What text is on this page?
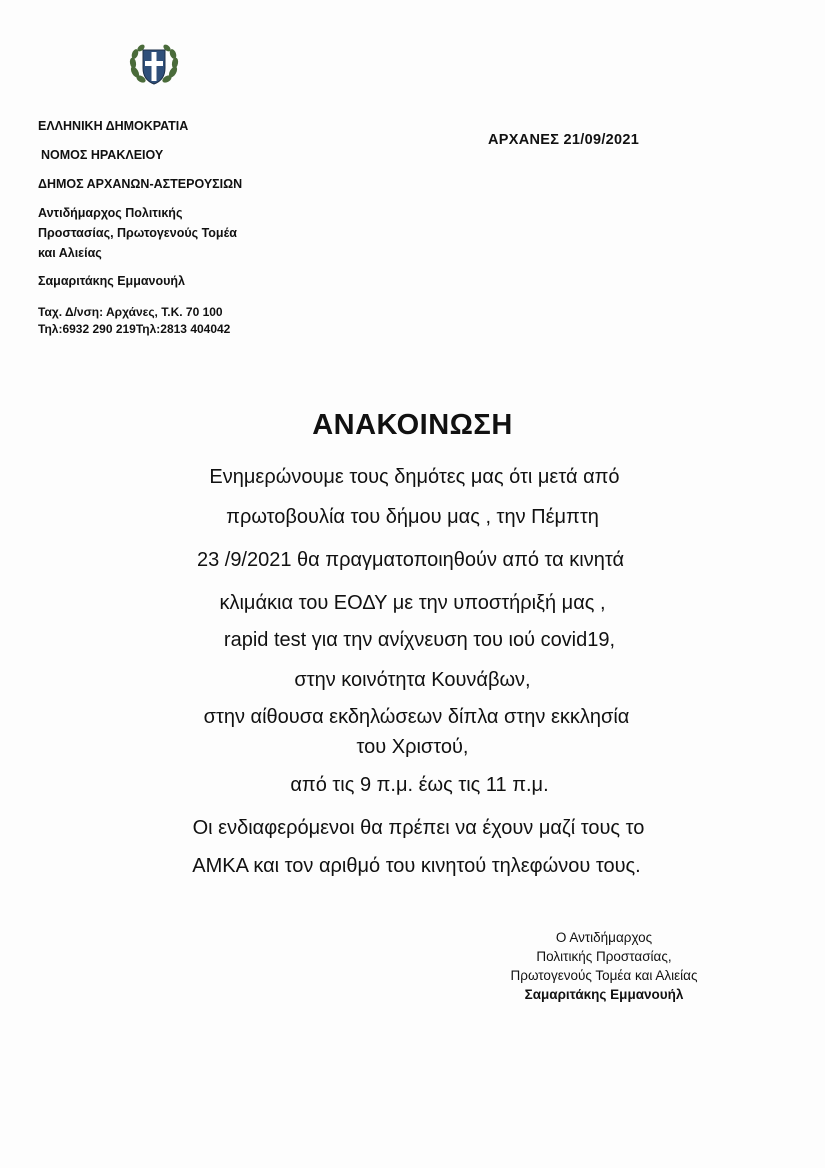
ΕΛΛΗΝΙΚΗ ΔΗΜΟΚΡΑΤΙΑ
ΝΟΜΟΣ ΗΡΑΚΛΕΙΟΥ
ΔΗΜΟΣ ΑΡΧΑΝΩΝ-ΑΣΤΕΡΟΥΣΙΩΝ
Αντιδήμαρχος Πολιτικής
Προστασίας, Πρωτογενούς Τομέα
και Αλιείας
Σαμαριτάκης Εμμανουήλ
Ταχ. Δ/νση: Αρχάνες, Τ.Κ. 70 100
Τηλ:6932 290 219Τηλ:2813 404042
ΑΡΧΑΝΕΣ 21/09/2021
ΑΝΑΚΟΙΝΩΣΗ
Ενημερώνουμε τους δημότες μας ότι μετά από
πρωτοβουλία του δήμου μας , την Πέμπτη
23 /9/2021 θα πραγματοποιηθούν από τα κινητά
κλιμάκια του ΕΟΔΥ με την υποστήριξή μας ,
rapid test για την ανίχνευση του ιού covid19,
στην κοινότητα Κουνάβων,
στην αίθουσα εκδηλώσεων δίπλα στην εκκλησία
του Χριστού,
από τις 9 π.μ. έως τις 11 π.μ.
Οι ενδιαφερόμενοι θα πρέπει να έχουν μαζί τους το
ΑΜΚΑ και τον αριθμό του κινητού τηλεφώνου τους.
Ο Αντιδήμαρχος
Πολιτικής Προστασίας,
Πρωτογενούς Τομέα και Αλιείας
Σαμαριτάκης Εμμανουήλ
